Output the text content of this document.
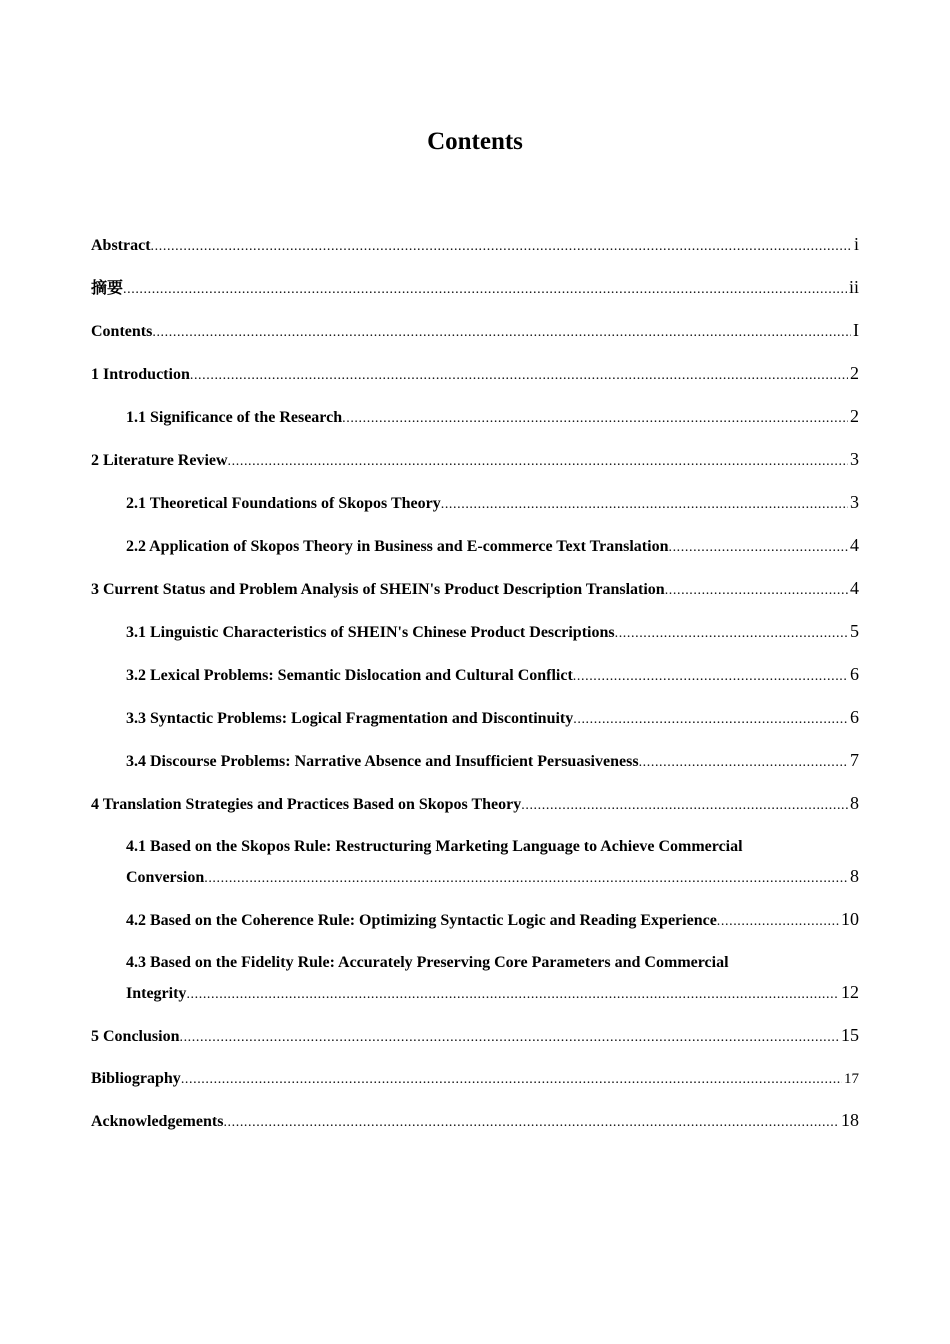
Contents
Abstract .....	i
摘要 .....	ii
Contents .....	I
1 Introduction .....	2
1.1 Significance of the Research .....	2
2 Literature Review .....	3
2.1 Theoretical Foundations of Skopos Theory .....	3
2.2 Application of Skopos Theory in Business and E-commerce Text Translation .....	4
3 Current Status and Problem Analysis of SHEIN's Product Description Translation .....	4
3.1 Linguistic Characteristics of SHEIN's Chinese Product Descriptions .....	5
3.2 Lexical Problems: Semantic Dislocation and Cultural Conflict .....	6
3.3 Syntactic Problems: Logical Fragmentation and Discontinuity .....	6
3.4 Discourse Problems: Narrative Absence and Insufficient Persuasiveness .....	7
4 Translation Strategies and Practices Based on Skopos Theory .....	8
4.1 Based on the Skopos Rule: Restructuring Marketing Language to Achieve Commercial
Conversion .....	8
4.2 Based on the Coherence Rule: Optimizing Syntactic Logic and Reading Experience .....	10
4.3 Based on the Fidelity Rule: Accurately Preserving Core Parameters and Commercial
Integrity .....	12
5 Conclusion .....	15
Bibliography .....	17
Acknowledgements .....	18
